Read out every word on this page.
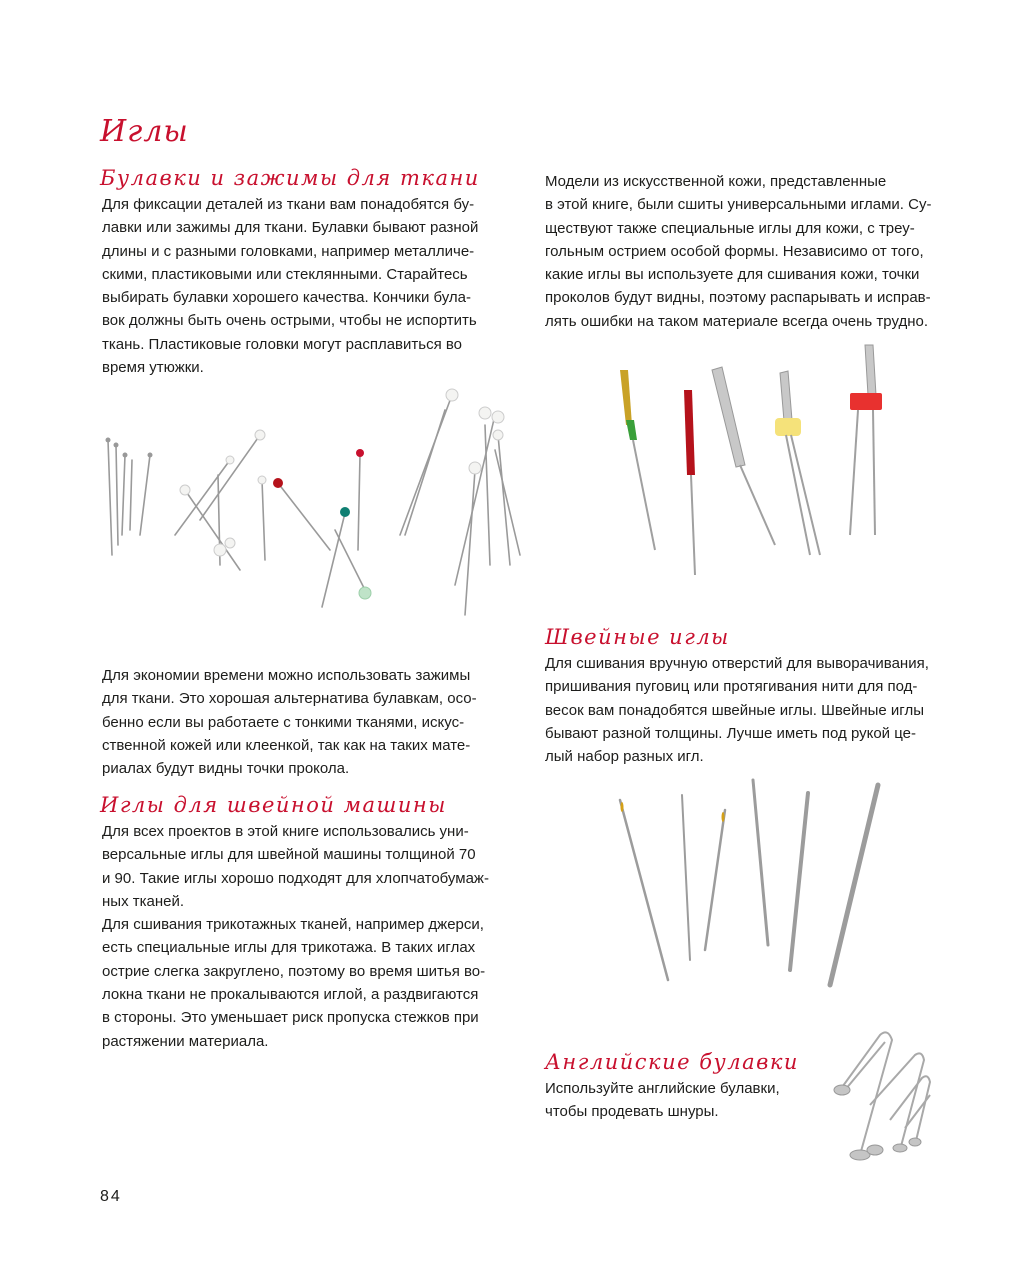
Иглы
Булавки и зажимы для ткани
Для фиксации деталей из ткани вам понадобятся бу-
лавки или зажимы для ткани. Булавки бывают разной
длины и с разными головками, например металличе-
скими, пластиковыми или стеклянными. Старайтесь
выбирать булавки хорошего качества. Кончики була-
вок должны быть очень острыми, чтобы не испортить
ткань. Пластиковые головки могут расплавиться во
время утюжки.
Для экономии времени можно использовать зажимы
для ткани. Это хорошая альтернатива булавкам, осо-
бенно если вы работаете с тонкими тканями, искус-
ственной кожей или клеенкой, так как на таких мате-
риалах будут видны точки прокола.
Иглы для швейной машины
Для всех проектов в этой книге использовались уни-
версальные иглы для швейной машины толщиной 70
и 90. Такие иглы хорошо подходят для хлопчатобумаж-
ных тканей.
Для сшивания трикотажных тканей, например джерси,
есть специальные иглы для трикотажа. В таких иглах
острие слегка закруглено, поэтому во время шитья во-
локна ткани не прокалываются иглой, а раздвигаются
в стороны. Это уменьшает риск пропуска стежков при
растяжении материала.
Модели из искусственной кожи, представленные
в этой книге, были сшиты универсальными иглами. Су-
ществуют также специальные иглы для кожи, с треу-
гольным острием особой формы. Независимо от того,
какие иглы вы используете для сшивания кожи, точки
проколов будут видны, поэтому распарывать и исправ-
лять ошибки на таком материале всегда очень трудно.
Швейные иглы
Для сшивания вручную отверстий для выворачивания,
пришивания пуговиц или протягивания нити для под-
весок вам понадобятся швейные иглы. Швейные иглы
бывают разной толщины. Лучше иметь под рукой це-
лый набор разных игл.
Английские булавки
Используйте английские булавки,
чтобы продевать шнуры.
84
